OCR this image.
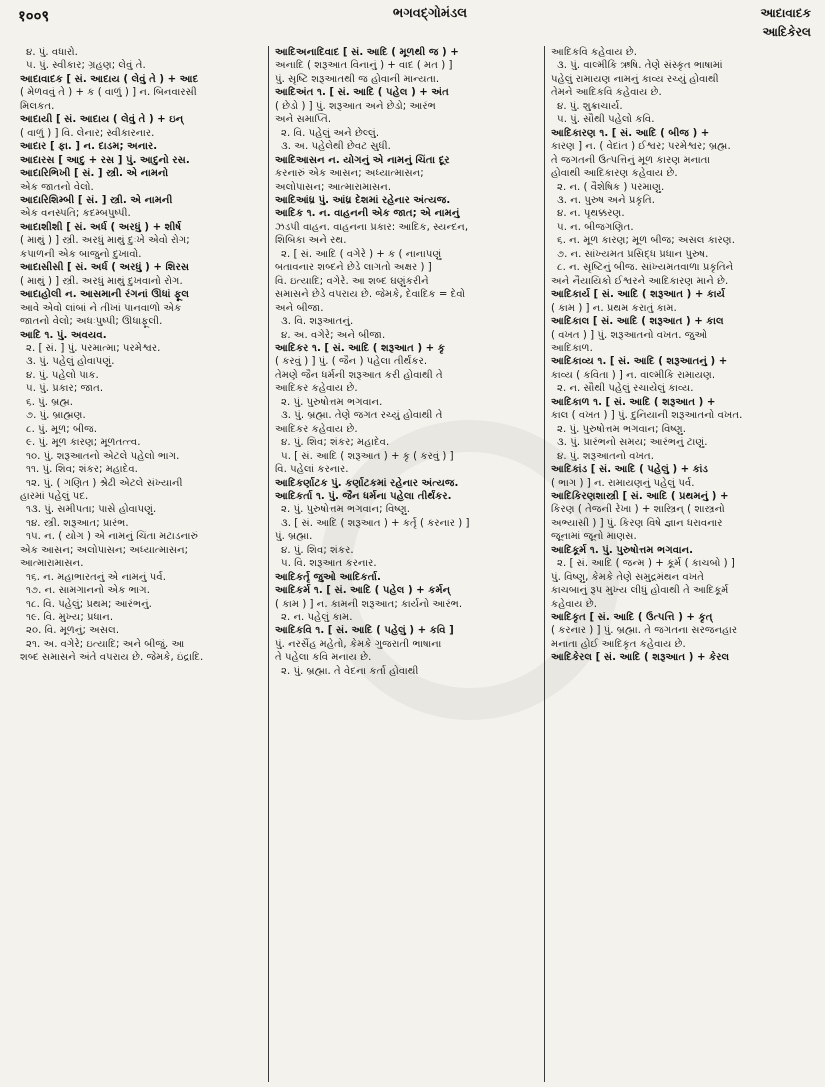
१००९	ભગવદ્ગોમંડલ	આદાવાદક
આદિકેરલ
૪. પું. વધારો.
૫. પું. સ્વીકાર; ગ્રહણ; લેવું તે.
આદાવાદક [ સં. આદાય ( લેવું તે ) + આદ
( મેળવવું તે ) + ક ( વાળું ) ] ન. બિનવારસી
મિલકત.
આદાયી [ સં. આદાય ( લેવું તે ) + ઇન્
( વાળું ) ] વિ. લેનાર; સ્વીકારનાર.
આદાર [ ફા. ] ન. દાડમ; અનાર.
આદારસ [ આદુ + રસ ] પું. આદુનો રસ.
આદારિભિખી [ સં. ] સ્ત્રી. એ નામનો
એક જાતનો વેલો.
આદારિશિમ્બી [ સં. ] સ્ત્રી. એ નામની
એક વનસ્પતિ; કદમ્બપુષ્પી.
આદાશીશી [ સં. અર્ધ ( અરધું ) + શીર્ષ
( માથું ) ] સ્ત્રી. અરધું માથું દુઃખે એવો રોગ;
કપાળની એક બાજુનો દુખાવો.
આદાસીસી [ સં. અર્ધ ( અરધું ) + શિરસ
( માથું ) ] સ્ત્રી. અરધું માથું દુખવાનો રોગ.
આદાહોલી ન. આસમાની રંગનાં ઊંધાં ફૂલ
આવે એવો લાંબાં ને તીખાં પાનવાળો એક
જાતનો વેલો; અધઃપુષ્પી; ઊંધાફૂલી.
આદિ ૧. પું. અવયવ.
૨. [ સં. ] પું. પરમાત્મા; પરમેશ્વર.
૩. પું. પહેલું હોવાપણું.
૪. પું. પહેલો પાક.
૫. પું. પ્રકાર; જાત.
૬. પું. બ્રહ્મ.
૭. પું. બ્રાહ્મણ.
૮. પું. મૂળ; બીજ.
૯. પું. મૂળ કારણ; મૂળતત્ત્વ.
૧૦. પું. શરૂઆતનો એટલે પહેલો ભાગ.
૧૧. પું. શિવ; શંકર; મહાદેવ.
૧૨. પું. ( ગણિત ) શ્રેઢી એટલે સંખ્યાની
હારમાં પહેલું પદ.
૧૩. પું. સમીપતા; પાસે હોવાપણું.
૧૪. સ્ત્રી. શરૂઆત; પ્રારંભ.
૧૫. ન. ( યોગ ) એ નામનું ચિંતા મટાડનારું
એક આસન; અલોપાસન; અધ્યાત્માસન;
આત્મારામાસન.
૧૬. ન. મહાભારતનું એ નામનું પર્વ.
૧૭. ન. સામગાનનો એક ભાગ.
૧૮. વિ. પહેલું; પ્રથમ; આરંભનું.
૧૯. વિ. મુખ્ય; પ્રધાન.
૨૦. વિ. મૂળનું; અસલ.
૨૧. અ. વગેરે; ઇત્યાદિ; અને બીજું. આ
શબ્દ સમાસને અંતે વપરાય છે. જેમકે, ઇંદ્રાદિ.
આદિઅનાદિવાદ [ સં. આદિ ( મૂળથી જ ) +
અનાદિ ( શરૂઆત વિનાનું ) + વાદ ( મત ) ]
પું. સૃષ્ટિ શરૂઆતથી જ હોવાની માન્યતા.
આદિઅંત ૧. [ સં. આદિ ( પહેલ ) + અંત
( છેડો ) ] પું. શરૂઆત અને છેડો; આરંભ
અને સમાપ્તિ.
૨. વિ. પહેલું અને છેલ્લું.
૩. અ. પહેલેથી છેવટ સુધી.
આદિઆસન ન. યોગનું એ નામનું ચિંતા દૂર
કરનારું એક આસન; અધ્યાત્માસન;
અલોપાસન; આત્મારામાસન.
આદિઆંધ્ર પું. આંધ્ર દેશમાં રહેનાર અંત્યજ.
આદિક ૧. ન. વાહનની એક જાત; એ નામનું
ઝડપી વાહન. વાહનના પ્રકાર: આદિક, સ્યન્દન,
શિબિકા અને રથ.
૨. [ સં. આદિ ( વગેરે ) + ક ( નાનાપણું
બતાવનાર શબ્દને છેડે લાગતો અક્ષર ) ]
વિ. ઇત્યાદિ; વગેરે. આ શબ્દ ઘણુંકરીને
સમાસને છેડે વપરાય છે. જેમકે, દેવાદિક = દેવો
અને બીજા.
૩. વિ. શરૂઆતનું.
૪. અ. વગેરે; અને બીજા.
આદિકર ૧. [ સં. આદિ ( શરૂઆત ) + કૃ
( કરવું ) ] પું. ( જૈન ) પહેલા તીર્થંકર.
તેમણે જૈન ધર્મની શરૂઆત કરી હોવાથી તે
આદિકર કહેવાય છે.
૨. પું. પુરુષોત્તમ ભગવાન.
૩. પું. બ્રહ્મા. તેણે જગત રચ્યું હોવાથી તે
આદિકર કહેવાય છે.
૪. પું. શિવ; શંકર; મહાદેવ.
૫. [ સં. આદિ ( શરૂઆત ) + કૃ ( કરવું ) ]
વિ. પહેલાં કરનાર.
આદિકર્ણાટક પું. કર્ણાટકમાં રહેનાર અંત્યજ.
આદિકર્તા ૧. પું. જૈન ધર્મના પહેલા તીર્થંકર.
૨. પું. પુરુષોત્તમ ભગવાન; વિષ્ણુ.
૩. [ સં. આદિ ( શરૂઆત ) + કર્તૃ ( કરનાર ) ]
પું. બ્રહ્મા.
૪. પું. શિવ; શંકર.
૫. વિ. શરૂઆત કરનાર.
આદિકર્તૃ જુઓ આદિકર્તા.
આદિકર્મ ૧. [ સં. આદિ ( પહેલ ) + કર્મન્
( કામ ) ] ન. કામની શરૂઆત; કાર્યનો આરંભ.
૨. ન. પહેલું કામ.
આદિકવિ ૧. [ સં. આદિ ( પહેલું ) + કવિ ]
પું. નરસૈંહ મહેતો, કેમકે ગુજરાતી ભાષાના
તે પહેલા કવિ મનાય છે.
૨. પું. બ્રહ્મા. તે વેદના કર્તા હોવાથી
આદિકવિ કહેવાય છે.
૩. પું. વાલ્મીકિ ઋષિ. તેણે સંસ્કૃત ભાષામાં
પહેલું રામાયણ નામનું કાવ્ય રચ્યું હોવાથી
તેમને આદિકવિ કહેવાય છે.
૪. પું. શુક્રાચાર્ય.
૫. પું. સૌથી પહેલો કવિ.
આદિકારણ ૧. [ સં. આદિ ( બીજ ) +
કારણ ] ન. ( વેદાંત ) ઈશ્વર; પરમેશ્વર; બ્રહ્મ.
તે જગતની ઉત્પત્તિનું મૂળ કારણ મનાતા
હોવાથી આદિકારણ કહેવાય છે.
૨. ન. ( વૈશેષિક ) પરમાણુ.
૩. ન. પુરુષ અને પ્રકૃતિ.
૪. ન. પૃથક્કરણ.
૫. ન. બીજગણિત.
૬. ન. મૂળ કારણ; મૂળ બીજ; અસલ કારણ.
૭. ન. સાંખ્યમત પ્રસિદ્ધ પ્રધાન પુરુષ.
૮. ન. સૃષ્ટિનું બીજ. સાંખ્યમતવાળા પ્રકૃતિને
અને નૈયાયિકો ઈશ્વરને આદિકારણ માને છે.
આદિકાર્ય [ સં. આદિ ( શરૂઆત ) + કાર્ય
( કામ ) ] ન. પ્રથમ કરાતું કામ.
આદિકાલ [ સં. આદિ ( શરૂઆત ) + કાલ
( વખત ) ] પું. શરૂઆતનો વખત. જુઓ
આદિકાળ.
આદિકાવ્ય ૧. [ સં. આદિ ( શરૂઆતનું ) +
કાવ્ય ( કવિતા ) ] ન. વાલ્મીકિ રામાયણ.
૨. ન. સૌથી પહેલું રચાયેલું કાવ્ય.
આદિકાળ ૧. [ સં. આદિ ( શરૂઆત ) +
કાલ ( વખત ) ] પું. દુનિયાની શરૂઆતનો વખત.
૨. પું. પુરુષોત્તમ ભગવાન; વિષ્ણુ.
૩. પું. પ્રારંભનો સમય; આરંભનું ટાણું.
૪. પું. શરૂઆતનો વખત.
આદિકાંડ [ સં. આદિ ( પહેલું ) + કાંડ
( ભાગ ) ] ન. રામાયણનું પહેલું પર્વ.
આદિકિરણશાસ્ત્રી [ સં. આદિ ( પ્રથમનું ) +
કિરણ ( તેજની રેખા ) + શાસ્ત્રિન્ ( શાસ્ત્રનો
અભ્યાસી ) ] પું. કિરણ વિષે જ્ઞાન ધરાવનાર
જૂનામાં જૂનો માણસ.
આદિકૂર્મ ૧. પું. પુરુષોત્તમ ભગવાન.
૨. [ સં. આદિ ( જન્મ ) + કૂર્મ ( કાચબો ) ]
પું. વિષ્ણુ, કેમકે તેણે સમુદ્રમંથન વખતે
કાચબાનું રૂપ મુખ્ય લીધું હોવાથી તે આદિકૂર્મ
કહેવાય છે.
આદિકૃત [ સં. આદિ ( ઉત્પત્તિ ) + કૃત્
( કરનાર ) ] પું. બ્રહ્મા. તે જગતના સરજનહાર
મનાતા હોઈ આદિકૃત કહેવાય છે.
આદિકેરલ [ સં. આદિ ( શરૂઆત ) + કેરલ
